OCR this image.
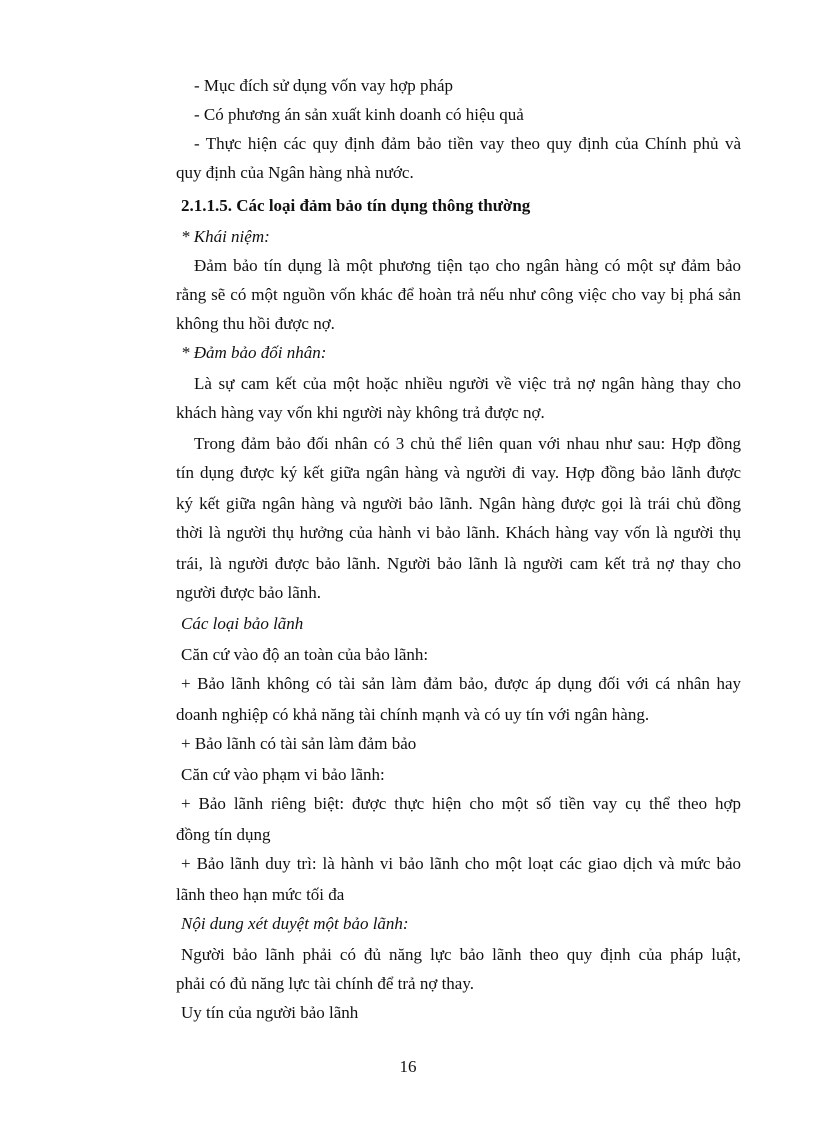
- Mục đích sử dụng vốn vay hợp pháp
- Có phương án sản xuất kinh doanh có hiệu quả
- Thực hiện các quy định đảm bảo tiền vay theo quy định của Chính phủ và
quy định của Ngân hàng nhà nước.
2.1.1.5. Các loại đảm bảo tín dụng thông thường
* Khái niệm:
Đảm bảo tín dụng là một phương tiện tạo cho ngân hàng có một sự đảm bảo
rằng sẽ có một nguồn vốn khác để hoàn trả nếu như công việc cho vay bị phá sản
không thu hồi được nợ.
* Đảm bảo đối nhân:
Là sự cam kết của một hoặc nhiều người về việc trả nợ ngân hàng thay cho
khách hàng vay vốn khi người này không trả được nợ.
Trong đảm bảo đối nhân có 3 chủ thể liên quan với nhau như sau: Hợp đồng
tín dụng được ký kết giữa ngân hàng và người đi vay. Hợp đồng bảo lãnh được
ký kết giữa ngân hàng và người bảo lãnh. Ngân hàng được gọi là trái chủ đồng
thời là người thụ hưởng của hành vi bảo lãnh. Khách hàng vay vốn là người thụ
trái, là người được bảo lãnh. Người bảo lãnh là người cam kết trả nợ thay cho
người được bảo lãnh.
Các loại bảo lãnh
Căn cứ vào độ an toàn của bảo lãnh:
+ Bảo lãnh không có tài sản làm đảm bảo, được áp dụng đối với cá nhân hay
doanh nghiệp có khả năng tài chính mạnh và có uy tín với ngân hàng.
+ Bảo lãnh có tài sản làm đảm bảo
Căn cứ vào phạm vi bảo lãnh:
+ Bảo lãnh riêng biệt: được thực hiện cho một số tiền vay cụ thể theo hợp
đồng tín dụng
+ Bảo lãnh duy trì: là hành vi bảo lãnh cho một loạt các giao dịch và mức bảo
lãnh theo hạn mức tối đa
Nội dung xét duyệt một bảo lãnh:
Người bảo lãnh phải có đủ năng lực bảo lãnh theo quy định của pháp luật,
phải có đủ năng lực tài chính để trả nợ thay.
Uy tín của người bảo lãnh
16
